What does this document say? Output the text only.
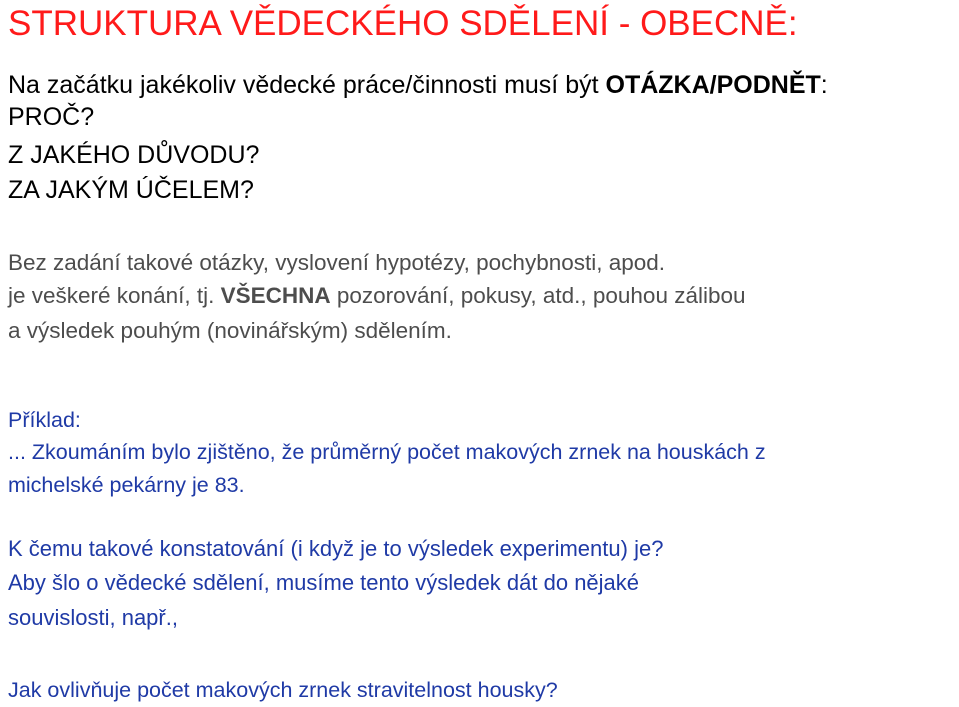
STRUKTURA VĚDECKÉHO SDĚLENÍ - OBECNĚ:

Na začátku jakékoliv vědecké práce/činnosti musí být OTÁZKA/PODNĚT:

PROČ?

Z JAKÉHO DŮVODU?

ZA JAKÝM ÚČELEM?

Bez zadání takové otázky, vyslovení hypotézy, pochybnosti, apod.

je veškeré konání, tj. VŠECHNA pozorování, pokusy, atd., pouhou zálibou

a výsledek pouhým (novinářským) sdělením.

Příklad:

... Zkoumáním bylo zjištěno, že průměrný počet makových zrnek na houskách z

michelské pekárny je 83.

K čemu takové konstatování (i když je to výsledek experimentu) je?

Aby šlo o vědecké sdělení, musíme tento výsledek dát do nějaké

souvislosti, např.,

Jak ovlivňuje počet makových zrnek stravitelnost housky?
